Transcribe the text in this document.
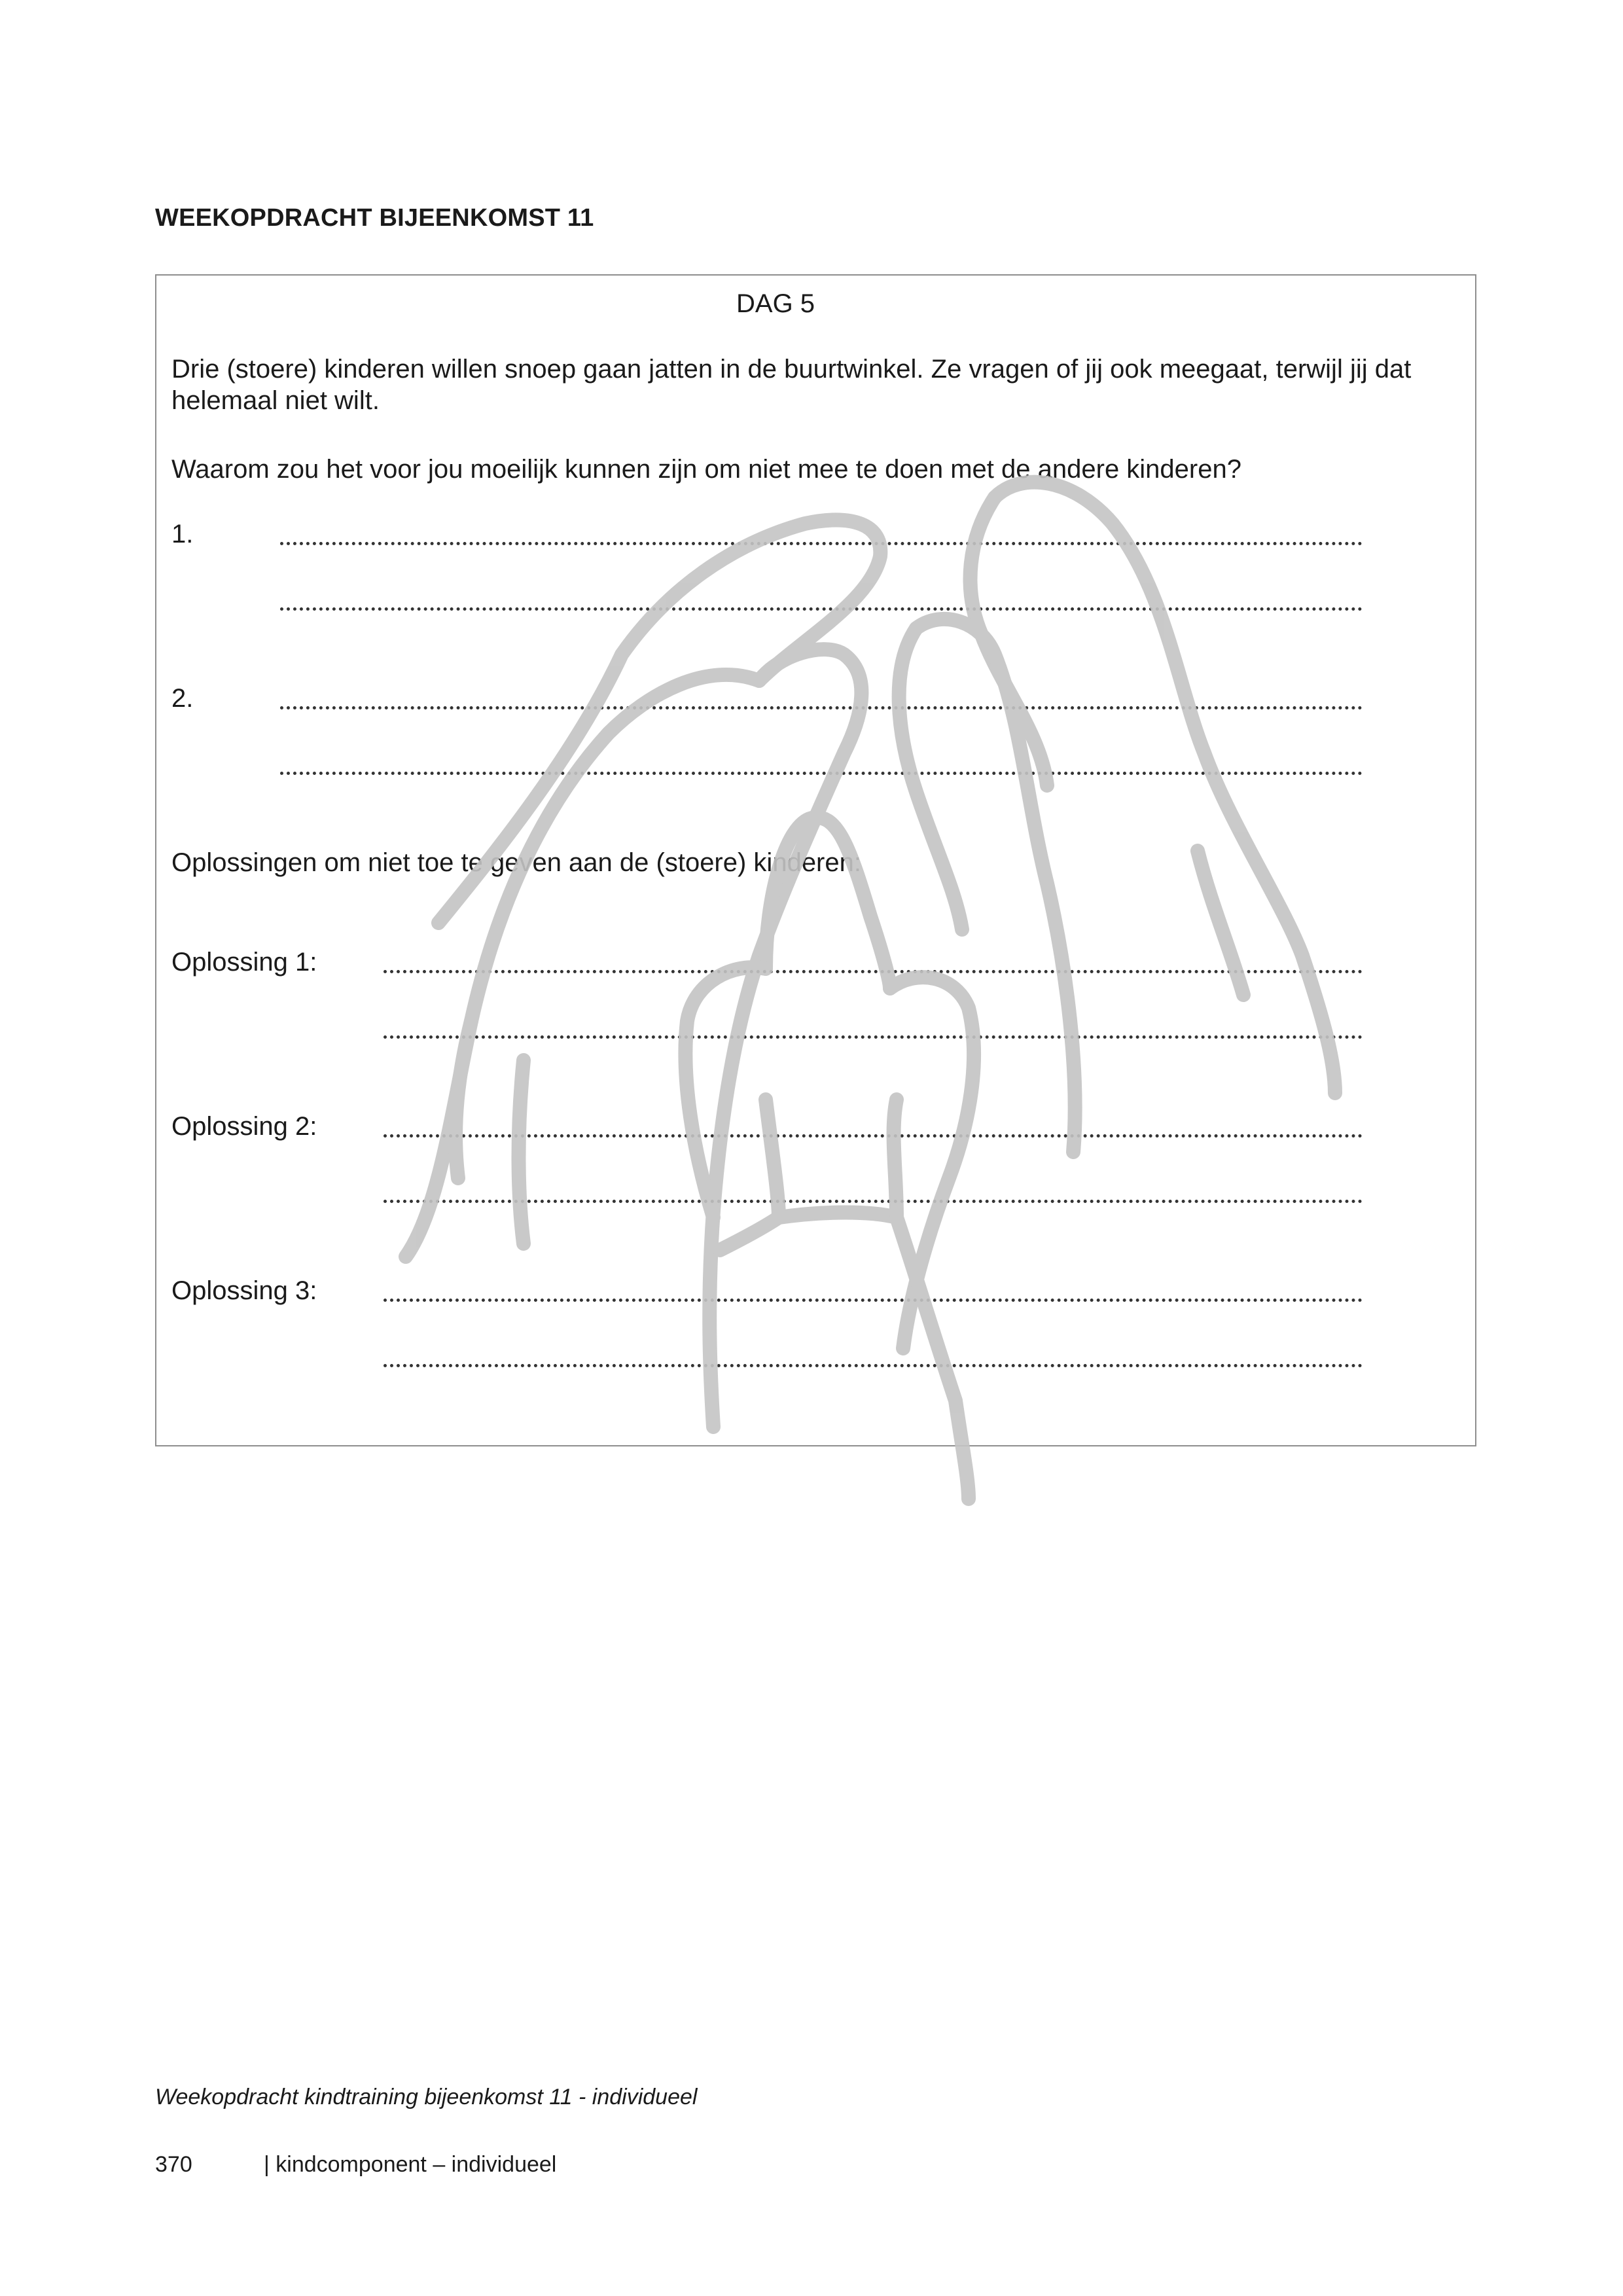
WEEKOPDRACHT BIJEENKOMST 11
DAG 5
Drie (stoere) kinderen willen snoep gaan jatten in de buurtwinkel. Ze vragen of jij ook meegaat, terwijl jij dat helemaal niet wilt.
Waarom zou het voor jou moeilijk kunnen zijn om niet mee te doen met de andere kinderen?
1.
2.
Oplossingen om niet toe te geven aan de (stoere) kinderen:
Oplossing 1:
Oplossing 2:
Oplossing 3:
Weekopdracht kindtraining bijeenkomst 11 - individueel
370	| kindcomponent – individueel
